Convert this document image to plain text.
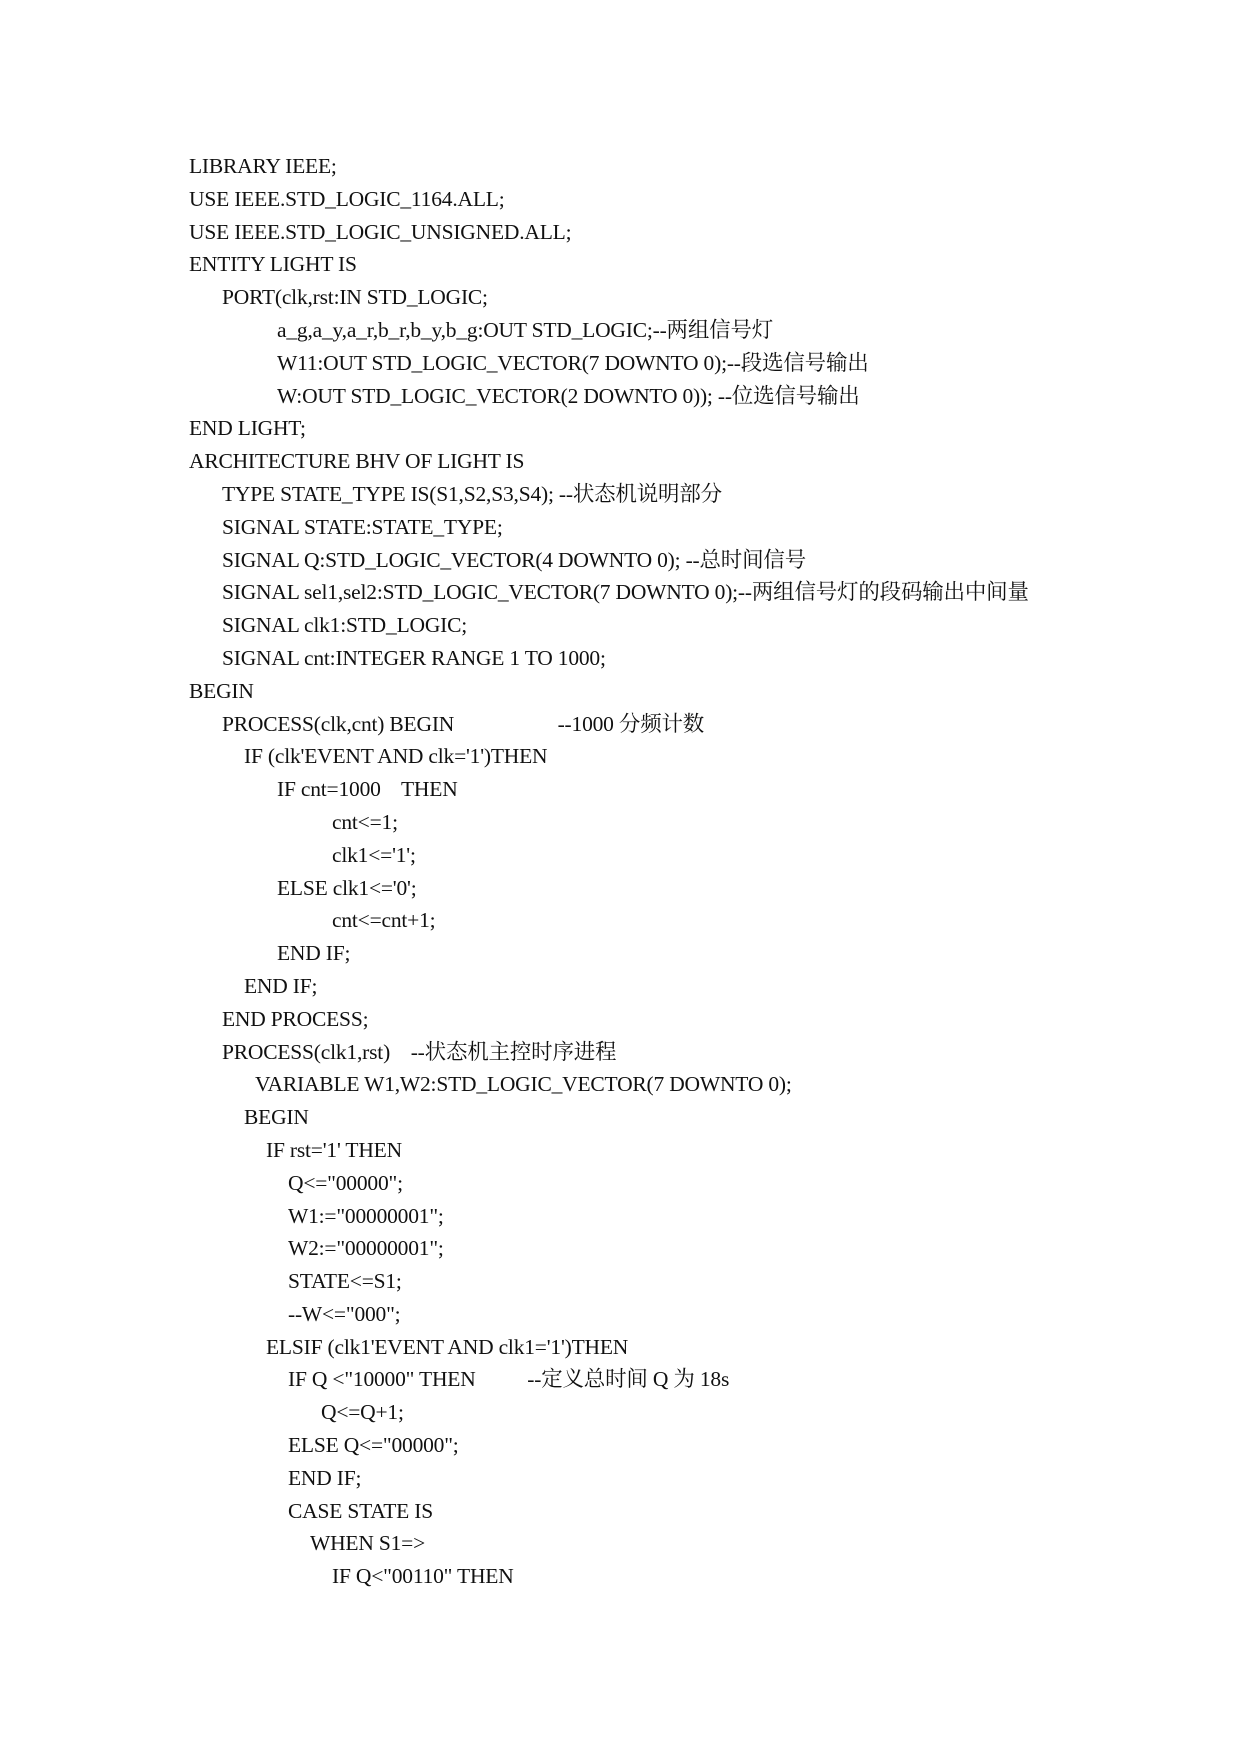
LIBRARY IEEE;
USE IEEE.STD_LOGIC_1164.ALL;
USE IEEE.STD_LOGIC_UNSIGNED.ALL;
ENTITY LIGHT IS
PORT(clk,rst:IN STD_LOGIC;
a_g,a_y,a_r,b_r,b_y,b_g:OUT STD_LOGIC;--两组信号灯
W11:OUT STD_LOGIC_VECTOR(7 DOWNTO 0);--段选信号输出
W:OUT STD_LOGIC_VECTOR(2 DOWNTO 0)); --位选信号输出
END LIGHT;
ARCHITECTURE BHV OF LIGHT IS
TYPE STATE_TYPE IS(S1,S2,S3,S4); --状态机说明部分
SIGNAL STATE:STATE_TYPE;
SIGNAL Q:STD_LOGIC_VECTOR(4 DOWNTO 0); --总时间信号
SIGNAL sel1,sel2:STD_LOGIC_VECTOR(7 DOWNTO 0);--两组信号灯的段码输出中间量
SIGNAL clk1:STD_LOGIC;
SIGNAL cnt:INTEGER RANGE 1 TO 1000;
BEGIN
PROCESS(clk,cnt) BEGIN                    --1000 分频计数
IF (clk'EVENT AND clk='1')THEN
IF cnt=1000    THEN
cnt<=1;
clk1<='1';
ELSE clk1<='0';
cnt<=cnt+1;
END IF;
END IF;
END PROCESS;
PROCESS(clk1,rst)    --状态机主控时序进程
VARIABLE W1,W2:STD_LOGIC_VECTOR(7 DOWNTO 0);
BEGIN
IF rst='1' THEN
Q<="00000";
W1:="00000001";
W2:="00000001";
STATE<=S1;
--W<="000";
ELSIF (clk1'EVENT AND clk1='1')THEN
IF Q <"10000" THEN          --定义总时间 Q 为 18s
Q<=Q+1;
ELSE Q<="00000";
END IF;
CASE STATE IS
WHEN S1=>
IF Q<"00110" THEN
